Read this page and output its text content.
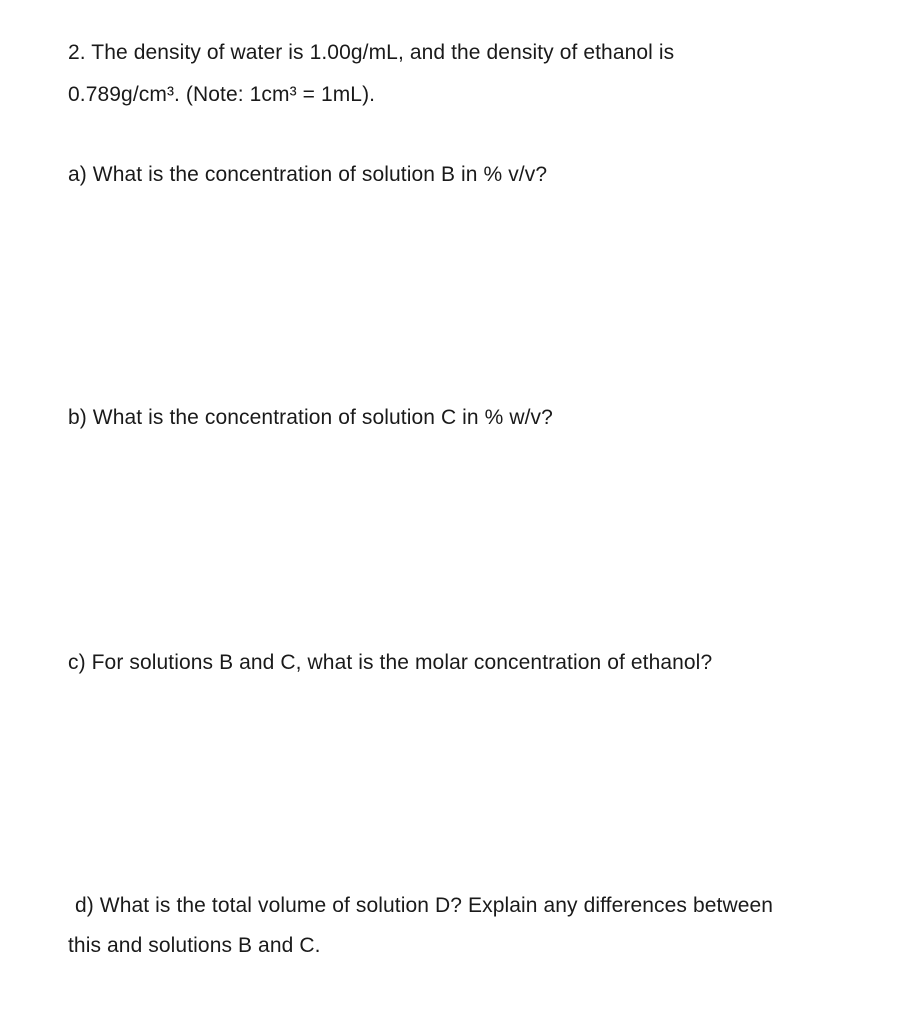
2. The density of water is 1.00g/mL, and the density of ethanol is
0.789g/cm³. (Note: 1cm³ = 1mL).
a) What is the concentration of solution B in % v/v?
b) What is the concentration of solution C in % w/v?
c) For solutions B and C, what is the molar concentration of ethanol?
d) What is the total volume of solution D? Explain any differences between
this and solutions B and C.
